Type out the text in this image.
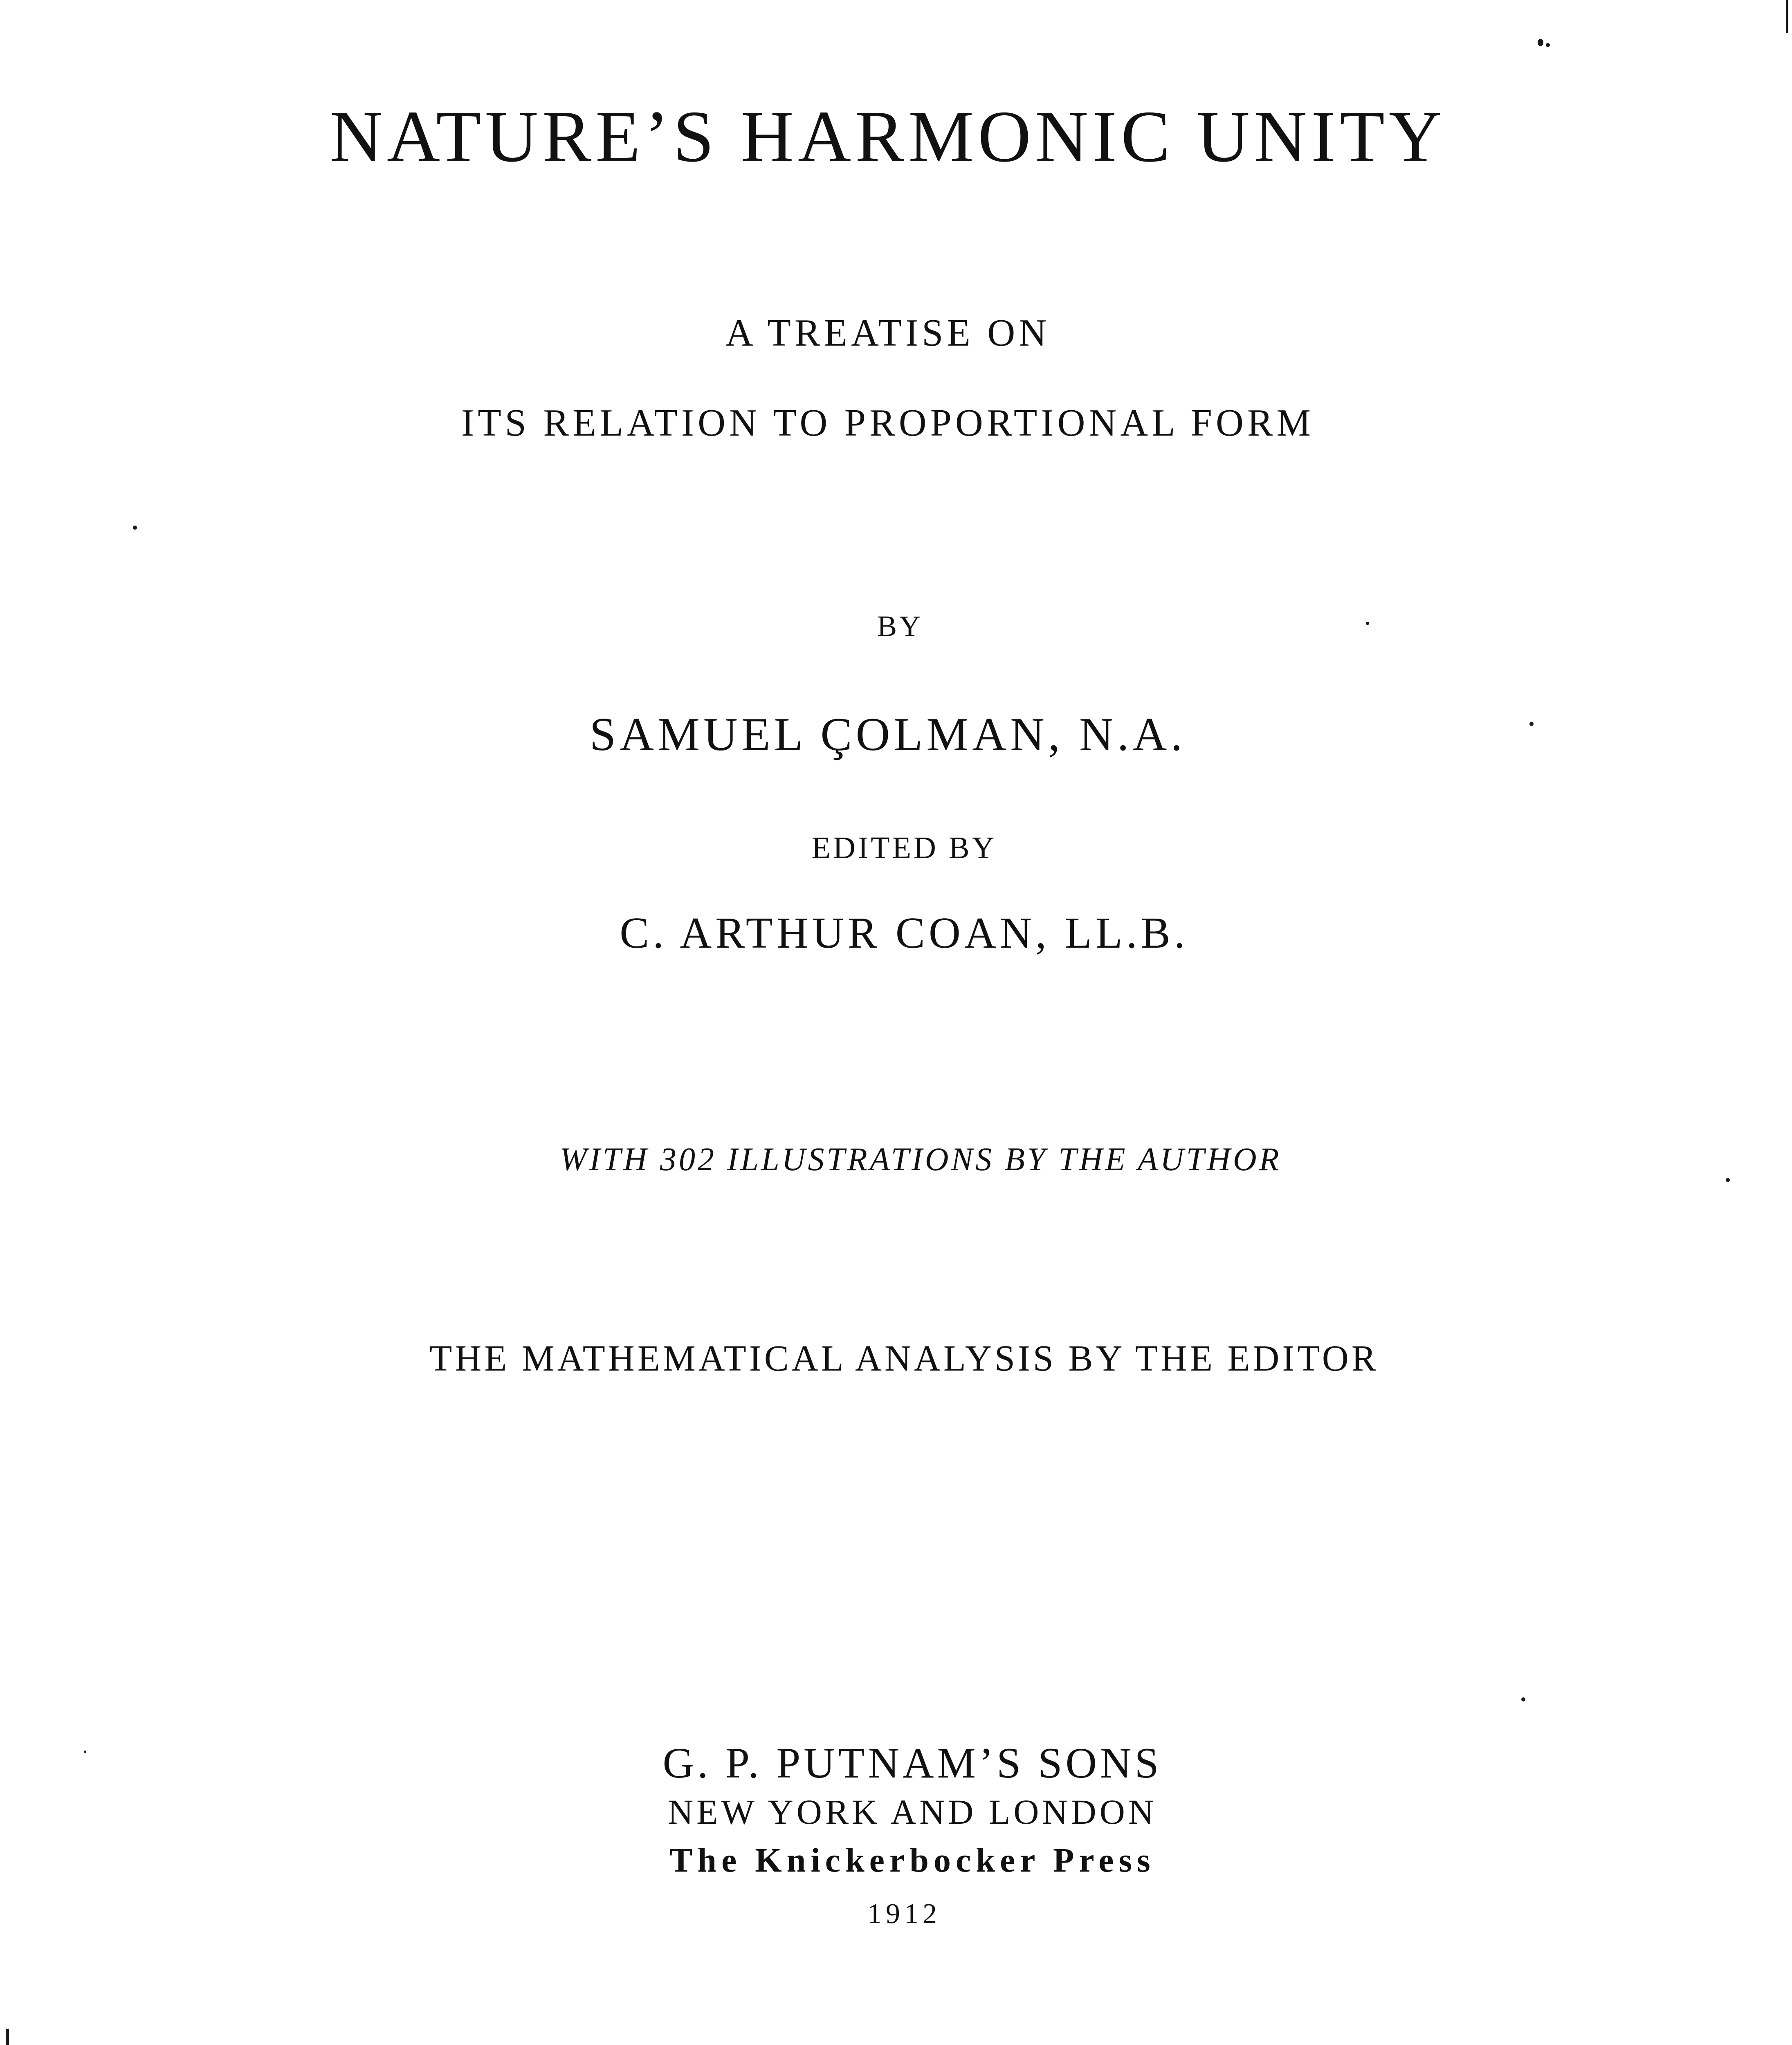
NATURE’S HARMONIC UNITY
A TREATISE ON
ITS RELATION TO PROPORTIONAL FORM
BY
SAMUEL ÇOLMAN, N.A.
EDITED BY
C. ARTHUR COAN, LL.B.
WITH 302 ILLUSTRATIONS BY THE AUTHOR
THE MATHEMATICAL ANALYSIS BY THE EDITOR
G. P. PUTNAM’S SONS
NEW YORK AND LONDON
The Knickerbocker Press
1912
